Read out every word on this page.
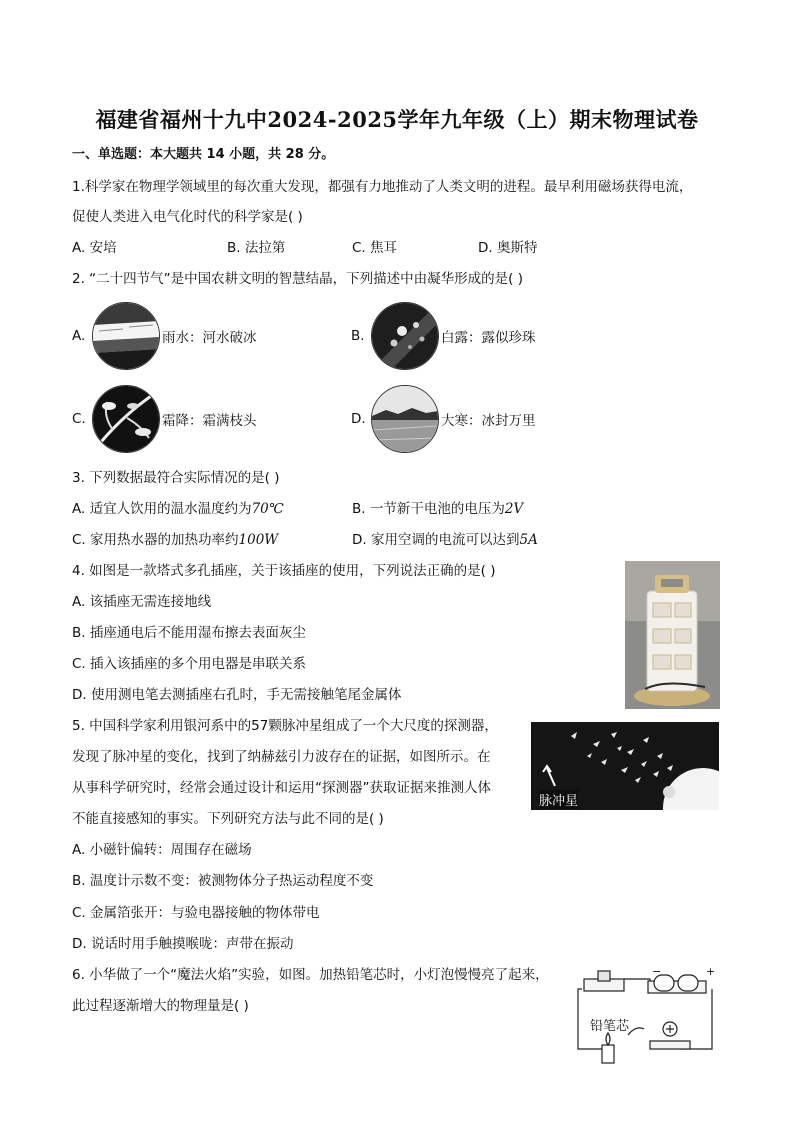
福建省福州十九中2024-2025学年九年级（上）期末物理试卷
一、单选题：本大题共 14 小题，共 28 分。
1.科学家在物理学领域里的每次重大发现，都强有力地推动了人类文明的进程。最早利用磁场获得电流，
促使人类进入电气化时代的科学家是( )
A. 安培	B. 法拉第	C. 焦耳	D. 奥斯特
2. “二十四节气”是中国农耕文明的智慧结晶，下列描述中由凝华形成的是( )
A.	雨水：河水破冰	B.	白露：露似珍珠
C.	霜降：霜满枝头	D.	大寒：冰封万里
3. 下列数据最符合实际情况的是( )
A. 适宜人饮用的温水温度约为70℃	B. 一节新干电池的电压为2V
C. 家用热水器的加热功率约100W	D. 家用空调的电流可以达到5A
4. 如图是一款塔式多孔插座，关于该插座的使用，下列说法正确的是( )
A. 该插座无需连接地线
B. 插座通电后不能用湿布擦去表面灰尘
C. 插入该插座的多个用电器是串联关系
D. 使用测电笔去测插座右孔时，手无需接触笔尾金属体
5. 中国科学家利用银河系中的57颗脉冲星组成了一个大尺度的探测器，
发现了脉冲星的变化，找到了纳赫兹引力波存在的证据，如图所示。在
从事科学研究时，经常会通过设计和运用“探测器”获取证据来推测人体
不能直接感知的事实。下列研究方法与此不同的是( )
A. 小磁针偏转：周围存在磁场
B. 温度计示数不变：被测物体分子热运动程度不变
C. 金属箔张开：与验电器接触的物体带电
D. 说话时用手触摸喉咙：声带在振动
脉冲星
6. 小华做了一个“魔法火焰”实验，如图。加热铅笔芯时，小灯泡慢慢亮了起来，
此过程逐渐增大的物理量是( )
−	+
铅笔芯
